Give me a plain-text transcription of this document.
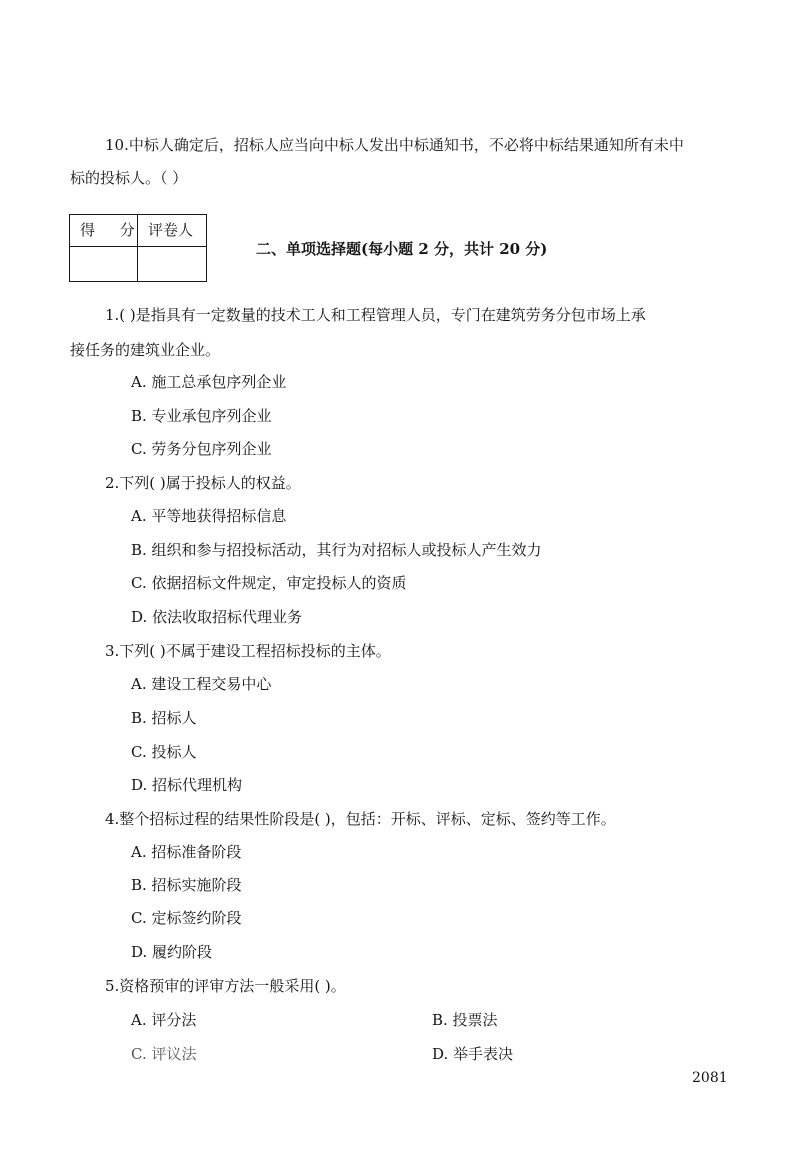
10.中标人确定后，招标人应当向中标人发出中标通知书，不必将中标结果通知所有未中
标的投标人。（ ）
得 分 评卷人
二、单项选择题(每小题 2 分，共计 20 分)
1.( )是指具有一定数量的技术工人和工程管理人员，专门在建筑劳务分包市场上承
接任务的建筑业企业。
A. 施工总承包序列企业
B. 专业承包序列企业
C. 劳务分包序列企业
2.下列( )属于投标人的权益。
A. 平等地获得招标信息
B. 组织和参与招投标活动，其行为对招标人或投标人产生效力
C. 依据招标文件规定，审定投标人的资质
D. 依法收取招标代理业务
3.下列( )不属于建设工程招标投标的主体。
A. 建设工程交易中心
B. 招标人
C. 投标人
D. 招标代理机构
4.整个招标过程的结果性阶段是( )，包括：开标、评标、定标、签约等工作。
A. 招标准备阶段
B. 招标实施阶段
C. 定标签约阶段
D. 履约阶段
5.资格预审的评审方法一般采用( )。
A. 评分法	B. 投票法
C. 评议法	D. 举手表决
2081
